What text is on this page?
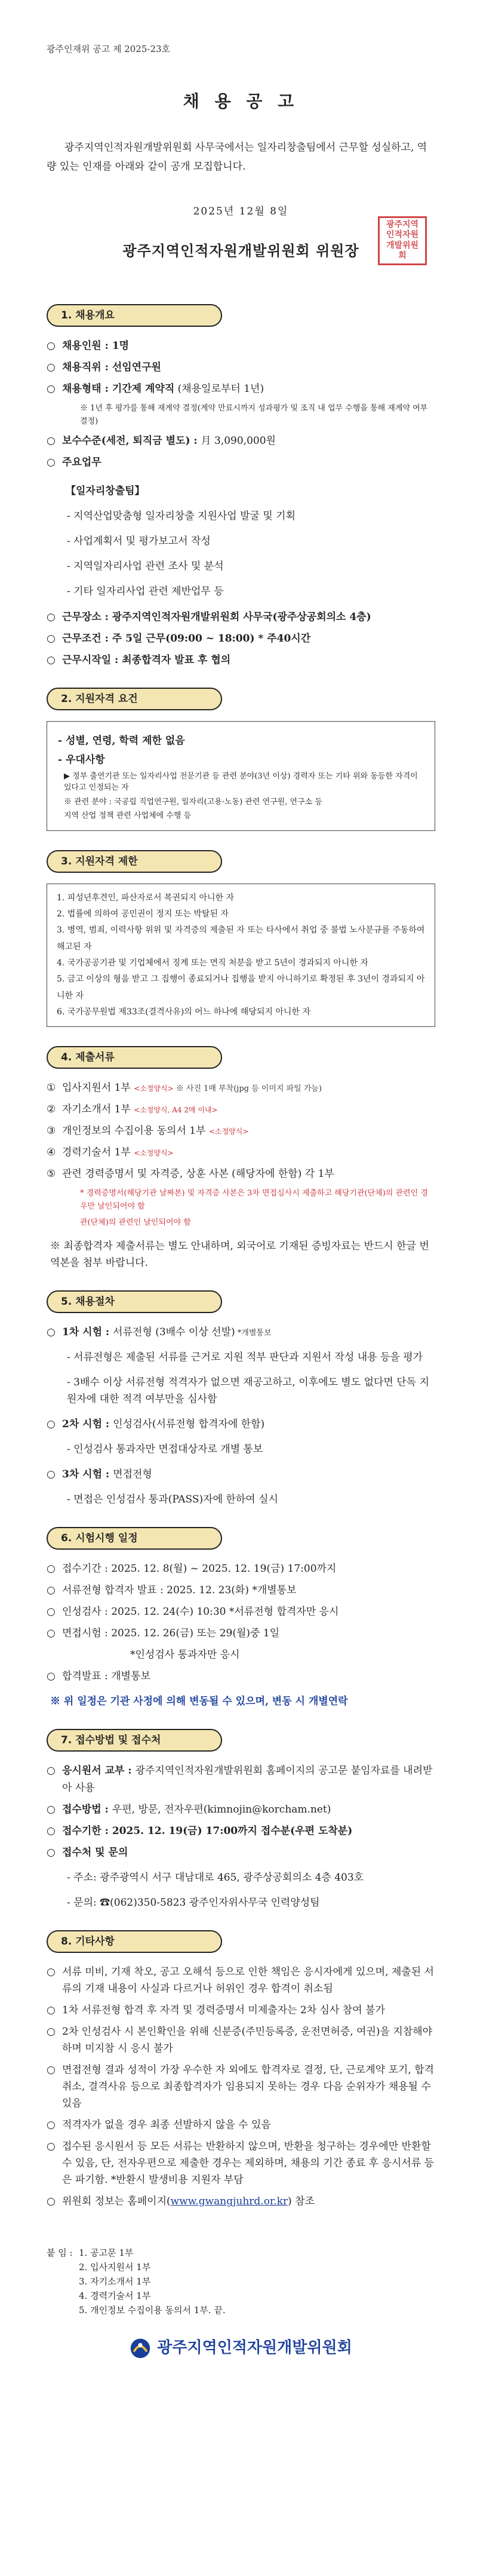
광주인재위 공고 제 2025-23호
채 용 공 고
광주지역인적자원개발위원회 사무국에서는 일자리창출팀에서 근무할 성실하고, 역량 있는 인재를 아래와 같이 공개 모집합니다.
2025년 12월 8일
광주지역인적자원개발위원회 위원장
광주지역
인적자원
개발위원회
1. 채용개요
○ 채용인원 : 1명
○ 채용직위 : 선임연구원
○ 채용형태 : 기간제 계약직 (채용일로부터 1년)
※ 1년 후 평가를 통해 재계약 결정(계약 만료시까지 성과평가 및 조직 내 업무 수행을 통해 재계약 여부 결정)
○ 보수수준(세전, 퇴직금 별도) : 月 3,090,000원
○ 주요업무
【일자리창출팀】
- 지역산업맞춤형 일자리창출 지원사업 발굴 및 기획
- 사업계획서 및 평가보고서 작성
- 지역일자리사업 관련 조사 및 분석
- 기타 일자리사업 관련 제반업무 등
○ 근무장소 : 광주지역인적자원개발위원회 사무국(광주상공회의소 4층)
○ 근무조건 : 주 5일 근무(09:00 ~ 18:00) * 주40시간
○ 근무시작일 : 최종합격자 발표 후 협의
2. 지원자격 요건
- 성별, 연령, 학력 제한 없음
- 우대사항
▶ 정부 출연기관 또는 일자리사업 전문기관 등 관련 분야(3년 이상) 경력자 또는 기타 위와 동등한 자격이 있다고 인정되는 자
※ 관련 분야 : 국공립 직업연구원, 일자리(고용·노동) 관련 연구원, 연구소 등
지역 산업 정책 관련 사업체에 수행 등
3. 지원자격 제한
1. 피성년후견인, 파산자로서 복권되지 아니한 자
2. 법률에 의하여 공민권이 정지 또는 박탈된 자
3. 병역, 범죄, 이력사항 위위 및 자격증의 제출된 자 또는 타사에서 취업 중 불법 노사분규를 주동하여 해고된 자
4. 국가공공기관 및 기업체에서 징계 또는 면직 처분을 받고 5년이 경과되지 아니한 자
5. 금고 이상의 형을 받고 그 집행이 종료되거나 집행을 받지 아니하기로 확정된 후 3년이 경과되지 아니한 자
6. 국가공무원법 제33조(결격사유)의 어느 하나에 해당되지 아니한 자
4. 제출서류
① 입사지원서 1부 <소정양식> ※ 사진 1매 부착(jpg 등 이미지 파일 가능)
② 자기소개서 1부 <소정양식, A4 2매 이내>
③ 개인정보의 수집이용 동의서 1부 <소정양식>
④ 경력기술서 1부 <소정양식>
⑤ 관련 경력증명서 및 자격증, 상훈 사본 (해당자에 한함) 각 1부
* 경력증명서(해당기관 날짜본) 및 자격증 사본은 3차 면접심사시 제출하고 해당기관(단체)의 관련인 경우만 날인되어야 함
관(단체)의 관련인 날인되어야 함
※ 최종합격자 제출서류는 별도 안내하며, 외국어로 기재된 증빙자료는 반드시 한글 번역본을 첨부 바랍니다.
5. 채용절차
○ 1차 시험 : 서류전형 (3배수 이상 선발) *개별통보
- 서류전형은 제출된 서류를 근거로 지원 적부 판단과 지원서 작성 내용 등을 평가
- 3배수 이상 서류전형 적격자가 없으면 재공고하고, 이후에도 별도 없다면 단독 지원자에 대한 적격 여부만을 심사함
○ 2차 시험 : 인성검사(서류전형 합격자에 한함)
- 인성검사 통과자만 면접대상자로 개별 통보
○ 3차 시험 : 면접전형
- 면접은 인성검사 통과(PASS)자에 한하여 실시
6. 시험시행 일정
○ 접수기간 : 2025. 12. 8(월) ~ 2025. 12. 19(금) 17:00까지
○ 서류전형 합격자 발표 : 2025. 12. 23(화) *개별통보
○ 인성검사 : 2025. 12. 24(수) 10:30 *서류전형 합격자만 응시
○ 면접시험 : 2025. 12. 26(금) 또는 29(월)중 1일
*인성검사 통과자만 응시
○ 합격발표 : 개별통보
※ 위 일정은 기관 사정에 의해 변동될 수 있으며, 변동 시 개별연락
7. 접수방법 및 접수처
○ 응시원서 교부 : 광주지역인적자원개발위원회 홈페이지의 공고문 붙임자료를 내려받아 사용
○ 접수방법 : 우편, 방문, 전자우편(kimnojin@korcham.net)
○ 접수기한 : 2025. 12. 19(금) 17:00까지 접수분(우편 도착분)
○ 접수처 및 문의
- 주소: 광주광역시 서구 대남대로 465, 광주상공회의소 4층 403호
- 문의: ☎(062)350-5823 광주인자위사무국 인력양성팀
8. 기타사항
○ 서류 미비, 기재 착오, 공고 오해석 등으로 인한 책임은 응시자에게 있으며, 제출된 서류의 기재 내용이 사실과 다르거나 허위인 경우 합격이 취소됨
○ 1차 서류전형 합격 후 자격 및 경력증명서 미제출자는 2차 심사 참여 불가
○ 2차 인성검사 시 본인확인을 위해 신분증(주민등록증, 운전면허증, 여권)을 지참해야 하며 미지참 시 응시 불가
○ 면접전형 결과 성적이 가장 우수한 자 외에도 합격자로 결정, 단, 근로계약 포기, 합격 취소, 결격사유 등으로 최종합격자가 임용되지 못하는 경우 다음 순위자가 채용될 수 있음
○ 적격자가 없을 경우 최종 선발하지 않을 수 있음
○ 접수된 응시원서 등 모든 서류는 반환하지 않으며, 반환을 청구하는 경우에만 반환할 수 있음, 단, 전자우편으로 제출한 경우는 제외하며, 채용의 기간 종료 후 응시서류 등은 파기함. *반환시 발생비용 지원자 부담
○ 위원회 정보는 홈페이지(www.gwangjuhrd.or.kr) 참조
붙 임 : 1. 공고문 1부
2. 입사지원서 1부
3. 자기소개서 1부
4. 경력기술서 1부
5. 개인정보 수집이용 동의서 1부. 끝.
광주지역인적자원개발위원회
